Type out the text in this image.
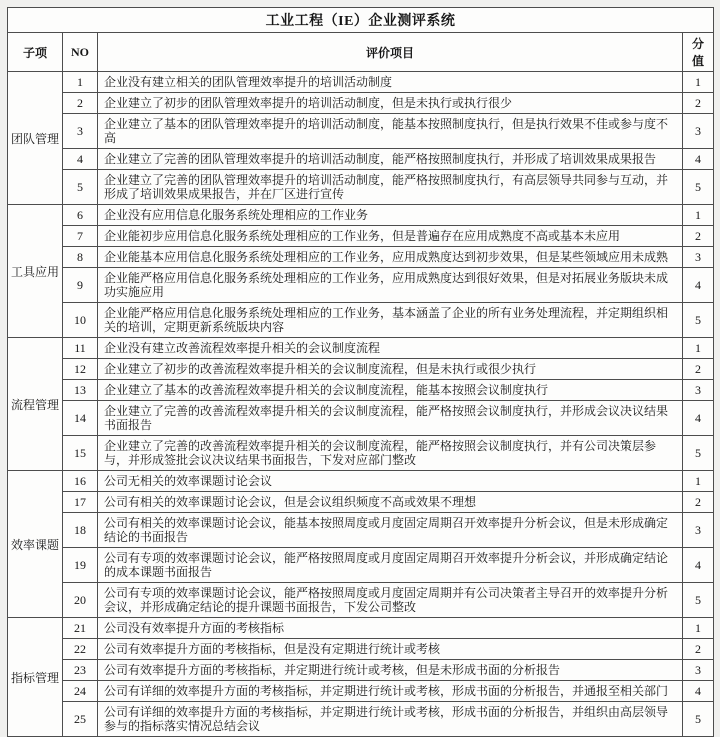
工业工程（IE）企业测评系统			
子项	NO	评价项目	分值
团队管理	1	企业没有建立相关的团队管理效率提升的培训活动制度	1
	2	企业建立了初步的团队管理效率提升的培训活动制度，但是未执行或执行很少	2
	3	企业建立了基本的团队管理效率提升的培训活动制度，能基本按照制度执行，但是执行效果不佳或参与度不高	3
	4	企业建立了完善的团队管理效率提升的培训活动制度，能严格按照制度执行，并形成了培训效果成果报告	4
	5	企业建立了完善的团队管理效率提升的培训活动制度，能严格按照制度执行，有高层领导共同参与互动，并形成了培训效果成果报告，并在厂区进行宣传	5
工具应用	6	企业没有应用信息化服务系统处理相应的工作业务	1
	7	企业能初步应用信息化服务系统处理相应的工作业务，但是普遍存在应用成熟度不高或基本未应用	2
	8	企业能基本应用信息化服务系统处理相应的工作业务，应用成熟度达到初步效果，但是某些领域应用未成熟	3
	9	企业能严格应用信息化服务系统处理相应的工作业务，应用成熟度达到很好效果，但是对拓展业务版块未成功实施应用	4
	10	企业能严格应用信息化服务系统处理相应的工作业务，基本涵盖了企业的所有业务处理流程，并定期组织相关的培训，定期更新系统版块内容	5
流程管理	11	企业没有建立改善流程效率提升相关的会议制度流程	1
	12	企业建立了初步的改善流程效率提升相关的会议制度流程，但是未执行或很少执行	2
	13	企业建立了基本的改善流程效率提升相关的会议制度流程，能基本按照会议制度执行	3
	14	企业建立了完善的改善流程效率提升相关的会议制度流程，能严格按照会议制度执行，并形成会议决议结果书面报告	4
	15	企业建立了完善的改善流程效率提升相关的会议制度流程，能严格按照会议制度执行，并有公司决策层参与，并形成签批会议决议结果书面报告，下发对应部门整改	5
效率课题	16	公司无相关的效率课题讨论会议	1
	17	公司有相关的效率课题讨论会议，但是会议组织频度不高或效果不理想	2
	18	公司有相关的效率课题讨论会议，能基本按照周度或月度固定周期召开效率提升分析会议，但是未形成确定结论的书面报告	3
	19	公司有专项的效率课题讨论会议，能严格按照周度或月度固定周期召开效率提升分析会议，并形成确定结论的成本课题书面报告	4
	20	公司有专项的效率课题讨论会议，能严格按照周度或月度固定周期并有公司决策者主导召开的效率提升分析会议，并形成确定结论的提升课题书面报告，下发公司整改	5
指标管理	21	公司没有效率提升方面的考核指标	1
	22	公司有效率提升方面的考核指标，但是没有定期进行统计或考核	2
	23	公司有效率提升方面的考核指标，并定期进行统计或考核，但是未形成书面的分析报告	3
	24	公司有详细的效率提升方面的考核指标，并定期进行统计或考核，形成书面的分析报告，并通报至相关部门	4
	25	公司有详细的效率提升方面的考核指标，并定期进行统计或考核，形成书面的分析报告，并组织由高层领导参与的指标落实情况总结会议	5
